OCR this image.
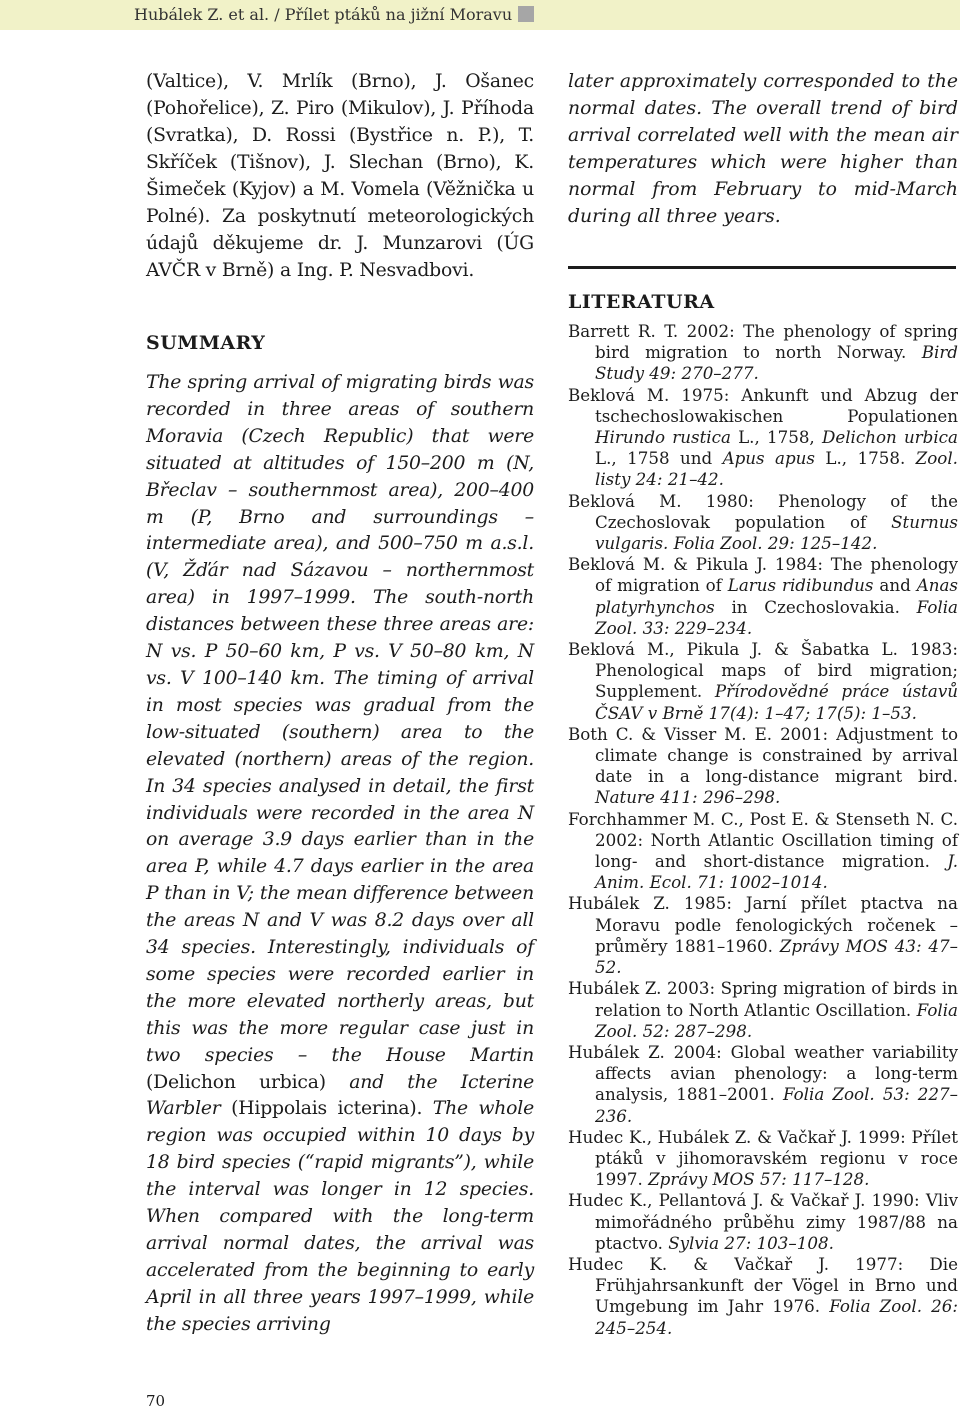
Hubálek Z. et al. / Přílet ptáků na jižní Moravu

(Valtice), V. Mrlík (Brno), J. Ošanec (Pohořelice), Z. Piro (Mikulov), J. Příhoda (Svratka), D. Rossi (Bystřice n. P.), T. Skříček (Tišnov), J. Slechan (Brno), K. Šimeček (Kyjov) a M. Vomela (Věžnička u Polné). Za poskytnutí meteorologických údajů děkujeme dr. J. Munzarovi (ÚG AVČR v Brně) a Ing. P. Nesvadbovi.

SUMMARY

The spring arrival of migrating birds was recorded in three areas of southern Moravia (Czech Republic) that were situated at altitudes of 150–200 m (N, Břeclav – southernmost area), 200–400 m (P, Brno and surroundings – intermediate area), and 500–750 m a.s.l. (V, Žďár nad Sázavou – northernmost area) in 1997–1999. The south-north distances between these three areas are: N vs. P 50–60 km, P vs. V 50–80 km, N vs. V 100–140 km. The timing of arrival in most species was gradual from the low-situated (southern) area to the elevated (northern) areas of the region. In 34 species analysed in detail, the first individuals were recorded in the area N on average 3.9 days earlier than in the area P, while 4.7 days earlier in the area P than in V; the mean difference between the areas N and V was 8.2 days over all 34 species. Interestingly, individuals of some species were recorded earlier in the more elevated northerly areas, but this was the more regular case just in two species – the House Martin (Delichon urbica) and the Icterine Warbler (Hippolais icterina). The whole region was occupied within 10 days by 18 bird species (“rapid migrants”), while the interval was longer in 12 species. When compared with the long-term arrival normal dates, the arrival was accelerated from the beginning to early April in all three years 1997–1999, while the species arriving

later approximately corresponded to the normal dates. The overall trend of bird arrival correlated well with the mean air temperatures which were higher than normal from February to mid-March during all three years.

LITERATURA
Barrett R. T. 2002: The phenology of spring bird migration to north Norway. Bird Study 49: 270–277.
Beklová M. 1975: Ankunft und Abzug der tschechoslowakischen Populationen Hirundo rustica L., 1758, Delichon urbica L., 1758 und Apus apus L., 1758. Zool. listy 24: 21–42.
Beklová M. 1980: Phenology of the Czechoslovak population of Sturnus vulgaris. Folia Zool. 29: 125–142.
Beklová M. & Pikula J. 1984: The phenology of migration of Larus ridibundus and Anas platyrhynchos in Czechoslovakia. Folia Zool. 33: 229–234.
Beklová M., Pikula J. & Šabatka L. 1983: Phenological maps of bird migration; Supplement. Přírodovědné práce ústavů ČSAV v Brně 17(4): 1–47; 17(5): 1–53.
Both C. & Visser M. E. 2001: Adjustment to climate change is constrained by arrival date in a long-distance migrant bird. Nature 411: 296–298.
Forchhammer M. C., Post E. & Stenseth N. C. 2002: North Atlantic Oscillation timing of long- and short-distance migration. J. Anim. Ecol. 71: 1002–1014.
Hubálek Z. 1985: Jarní přílet ptactva na Moravu podle fenologických ročenek – průměry 1881–1960. Zprávy MOS 43: 47–52.
Hubálek Z. 2003: Spring migration of birds in relation to North Atlantic Oscillation. Folia Zool. 52: 287–298.
Hubálek Z. 2004: Global weather variability affects avian phenology: a long-term analysis, 1881–2001. Folia Zool. 53: 227–236.
Hudec K., Hubálek Z. & Vačkař J. 1999: Přílet ptáků v jihomoravském regionu v roce 1997. Zprávy MOS 57: 117–128.
Hudec K., Pellantová J. & Vačkař J. 1990: Vliv mimořádného průběhu zimy 1987/88 na ptactvo. Sylvia 27: 103–108.
Hudec K. & Vačkař J. 1977: Die Frühjahrsankunft der Vögel in Brno und Umgebung im Jahr 1976. Folia Zool. 26: 245–254.
70
